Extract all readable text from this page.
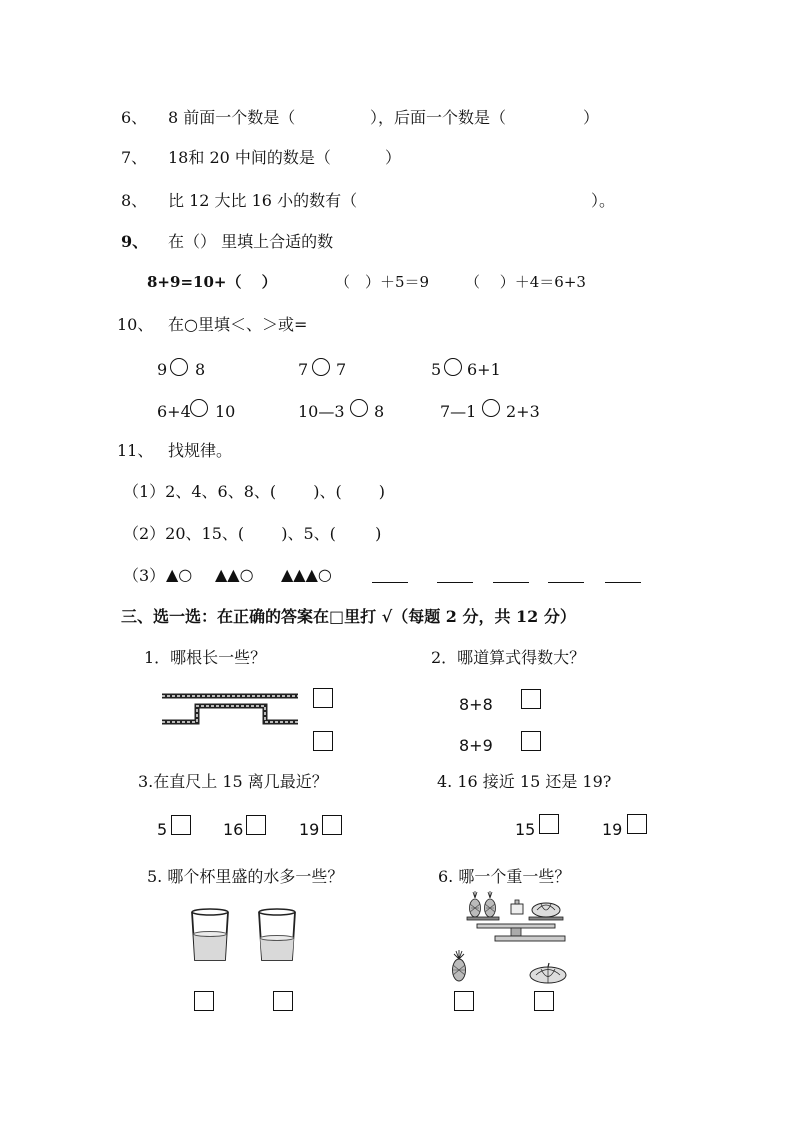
6、 8 前面一个数是（	），后面一个数是（	）
7、 18和 20 中间的数是（	）
8、 比 12 大比 16 小的数有（	）。
9、 在（） 里填上合适的数
8+9=10+（　 ）	（　）＋5＝9 （　 ）＋4＝6+3
10、 在○里填＜、＞或=
9 8	7 7	5 6+1
6+4 10	10—3 8	7—1 2+3
11、 找规律。
（1）2、4、6、8、(　　 )、(　　 )
（2）20、15、(　　 )、5、( 　　 )
（3） ▲○ ▲▲○ ▲▲▲○
三、选一选：在正确的答案在□里打 √（每题 2 分，共 12 分）
1．哪根长一些？	2．哪道算式得数大？
8+8
8+9
3.在直尺上 15 离几最近？
5	16	19
4. 16 接近 15 还是 19?
15	19
5. 哪个杯里盛的水多一些？	6. 哪一个重一些？
